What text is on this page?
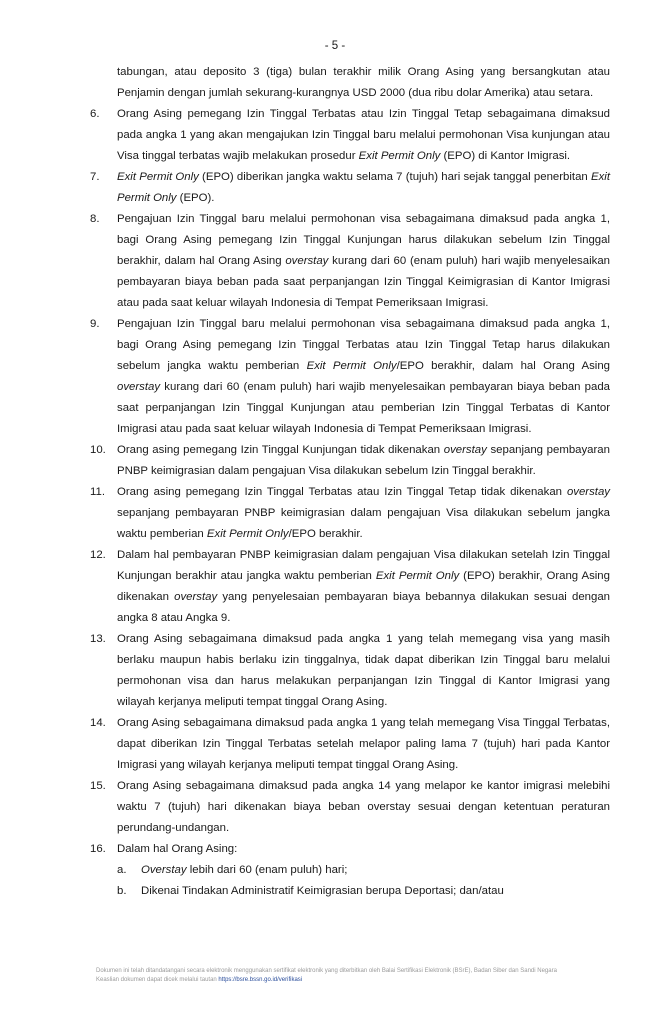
- 5 -

tabungan, atau deposito 3 (tiga) bulan terakhir milik Orang Asing yang bersangkutan atau Penjamin dengan jumlah sekurang-kurangnya USD 2000 (dua ribu dolar Amerika) atau setara.

6.	Orang Asing pemegang Izin Tinggal Terbatas atau Izin Tinggal Tetap sebagaimana dimaksud pada angka 1 yang akan mengajukan Izin Tinggal baru melalui permohonan Visa kunjungan atau Visa tinggal terbatas wajib melakukan prosedur Exit Permit Only (EPO) di Kantor Imigrasi.
7.	Exit Permit Only (EPO) diberikan jangka waktu selama 7 (tujuh) hari sejak tanggal penerbitan Exit Permit Only (EPO).
8.	Pengajuan Izin Tinggal baru melalui permohonan visa sebagaimana dimaksud pada angka 1, bagi Orang Asing pemegang Izin Tinggal Kunjungan harus dilakukan sebelum Izin Tinggal berakhir, dalam hal Orang Asing overstay kurang dari 60 (enam puluh) hari wajib menyelesaikan pembayaran biaya beban pada saat perpanjangan Izin Tinggal Keimigrasian di Kantor Imigrasi atau pada saat keluar wilayah Indonesia di Tempat Pemeriksaan Imigrasi.
9.	Pengajuan Izin Tinggal baru melalui permohonan visa sebagaimana dimaksud pada angka 1, bagi Orang Asing pemegang Izin Tinggal Terbatas atau Izin Tinggal Tetap harus dilakukan sebelum jangka waktu pemberian Exit Permit Only/EPO berakhir, dalam hal Orang Asing overstay kurang dari 60 (enam puluh) hari wajib menyelesaikan pembayaran biaya beban pada saat perpanjangan Izin Tinggal Kunjungan atau pemberian Izin Tinggal Terbatas di Kantor Imigrasi atau pada saat keluar wilayah Indonesia di Tempat Pemeriksaan Imigrasi.
10. Orang asing pemegang Izin Tinggal Kunjungan tidak dikenakan overstay sepanjang pembayaran PNBP keimigrasian dalam pengajuan Visa dilakukan sebelum Izin Tinggal berakhir.
11.	Orang asing pemegang Izin Tinggal Terbatas atau Izin Tinggal Tetap tidak dikenakan overstay sepanjang pembayaran PNBP keimigrasian dalam pengajuan Visa dilakukan sebelum jangka waktu pemberian Exit Permit Only/EPO berakhir.
12. Dalam hal pembayaran PNBP keimigrasian dalam pengajuan Visa dilakukan setelah Izin Tinggal Kunjungan berakhir atau jangka waktu pemberian Exit Permit Only (EPO) berakhir, Orang Asing dikenakan overstay yang penyelesaian pembayaran biaya bebannya dilakukan sesuai dengan angka 8 atau Angka 9.
13. Orang Asing sebagaimana dimaksud pada angka 1 yang telah memegang visa yang masih berlaku maupun habis berlaku izin tinggalnya, tidak dapat diberikan Izin Tinggal baru melalui permohonan visa dan harus melakukan perpanjangan Izin Tinggal di Kantor Imigrasi yang wilayah kerjanya meliputi tempat tinggal Orang Asing.
14. Orang Asing sebagaimana dimaksud pada angka 1 yang telah memegang Visa Tinggal Terbatas, dapat diberikan Izin Tinggal Terbatas setelah melapor paling lama 7 (tujuh) hari pada Kantor Imigrasi yang wilayah kerjanya meliputi tempat tinggal Orang Asing.
15. Orang Asing sebagaimana dimaksud pada angka 14 yang melapor ke kantor imigrasi melebihi waktu 7 (tujuh) hari dikenakan biaya beban overstay sesuai dengan ketentuan peraturan perundang-undangan.
16. Dalam hal Orang Asing:
a.	Overstay lebih dari 60 (enam puluh) hari;
b.	Dikenai Tindakan Administratif Keimigrasian berupa Deportasi; dan/atau
Dokumen ini telah ditandatangani secara elektronik menggunakan sertifikat elektronik yang diterbitkan oleh Balai Sertifikasi Elektronik (BSrE), Badan Siber dan Sandi Negara
Keaslian dokumen dapat dicek melalui tautan https://bsre.bssn.go.id/verifikasi
